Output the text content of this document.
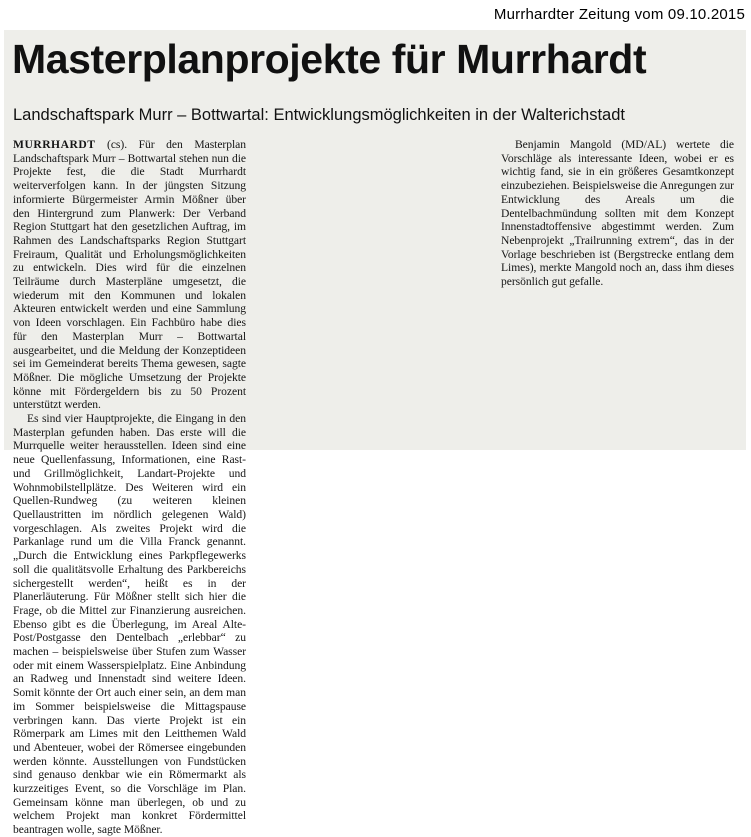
Murrhardter Zeitung vom 09.10.2015
Masterplanprojekte für Murrhardt
Landschaftspark Murr – Bottwartal: Entwicklungsmöglichkeiten in der Walterichstadt

MURRHARDT (cs). Für den Masterplan Landschaftspark Murr – Bottwartal stehen nun die Projekte fest, die die Stadt Murrhardt weiterverfolgen kann. In der jüngsten Sitzung informierte Bürgermeister Armin Mößner über den Hintergrund zum Planwerk: Der Verband Region Stuttgart hat den gesetzlichen Auftrag, im Rahmen des Landschaftsparks Region Stuttgart Freiraum, Qualität und Erholungsmöglichkeiten zu entwickeln. Dies wird für die einzelnen Teilräume durch Masterpläne umgesetzt, die wiederum mit den Kommunen und lokalen Akteuren entwickelt werden und eine Sammlung von Ideen vorschlagen. Ein Fachbüro habe dies für den Masterplan Murr – Bottwartal ausgearbeitet, und die Meldung der Konzeptideen sei im Gemeinderat bereits Thema gewesen, sagte Mößner. Die mögliche Umsetzung der Projekte könne mit Fördergeldern bis zu 50 Prozent unterstützt werden.

Es sind vier Hauptprojekte, die Eingang in den Masterplan gefunden haben. Das erste will die Murrquelle weiter herausstellen. Ideen sind eine neue Quellenfassung, Informationen, eine Rast- und Grillmöglichkeit, Landart-Projekte und Wohnmobilstellplätze. Des Weiteren wird ein Quellen-Rundweg (zu weiteren kleinen Quellaustritten im nördlich gelegenen Wald) vorgeschlagen. Als zweites Projekt wird die Parkanlage rund um die Villa Franck genannt. „Durch die Entwicklung eines Parkpflegewerks soll die qualitätsvolle Erhaltung des Parkbereichs sichergestellt werden“, heißt es in der Planerläuterung. Für Mößner stellt sich hier die Frage, ob die Mittel zur Finanzierung ausreichen. Ebenso gibt es die Überlegung, im Areal Alte-Post/Postgasse den Dentelbach „erlebbar“ zu machen – beispielsweise über Stufen zum Wasser oder mit einem Wasserspielplatz. Eine Anbindung an Radweg und Innenstadt sind weitere Ideen. Somit könnte der Ort auch einer sein, an dem man im Sommer beispielsweise die Mittagspause verbringen kann. Das vierte Projekt ist ein Römerpark am Limes mit den Leitthemen Wald und Abenteuer, wobei der Römersee eingebunden werden könnte. Ausstellungen von Fundstücken sind genauso denkbar wie ein Römermarkt als kurzzeitiges Event, so die Vorschläge im Plan. Gemeinsam könne man überlegen, ob und zu welchem Projekt man konkret Fördermittel beantragen wolle, sagte Mößner.

Benjamin Mangold (MD/AL) wertete die Vorschläge als interessante Ideen, wobei er es wichtig fand, sie in ein größeres Gesamtkonzept einzubeziehen. Beispielsweise die Anregungen zur Entwicklung des Areals um die Dentelbachmündung sollten mit dem Konzept Innenstadtoffensive abgestimmt werden. Zum Nebenprojekt „Trailrunning extrem“, das in der Vorlage beschrieben ist (Bergstrecke entlang dem Limes), merkte Mangold noch an, dass ihm dieses persönlich gut gefalle.
